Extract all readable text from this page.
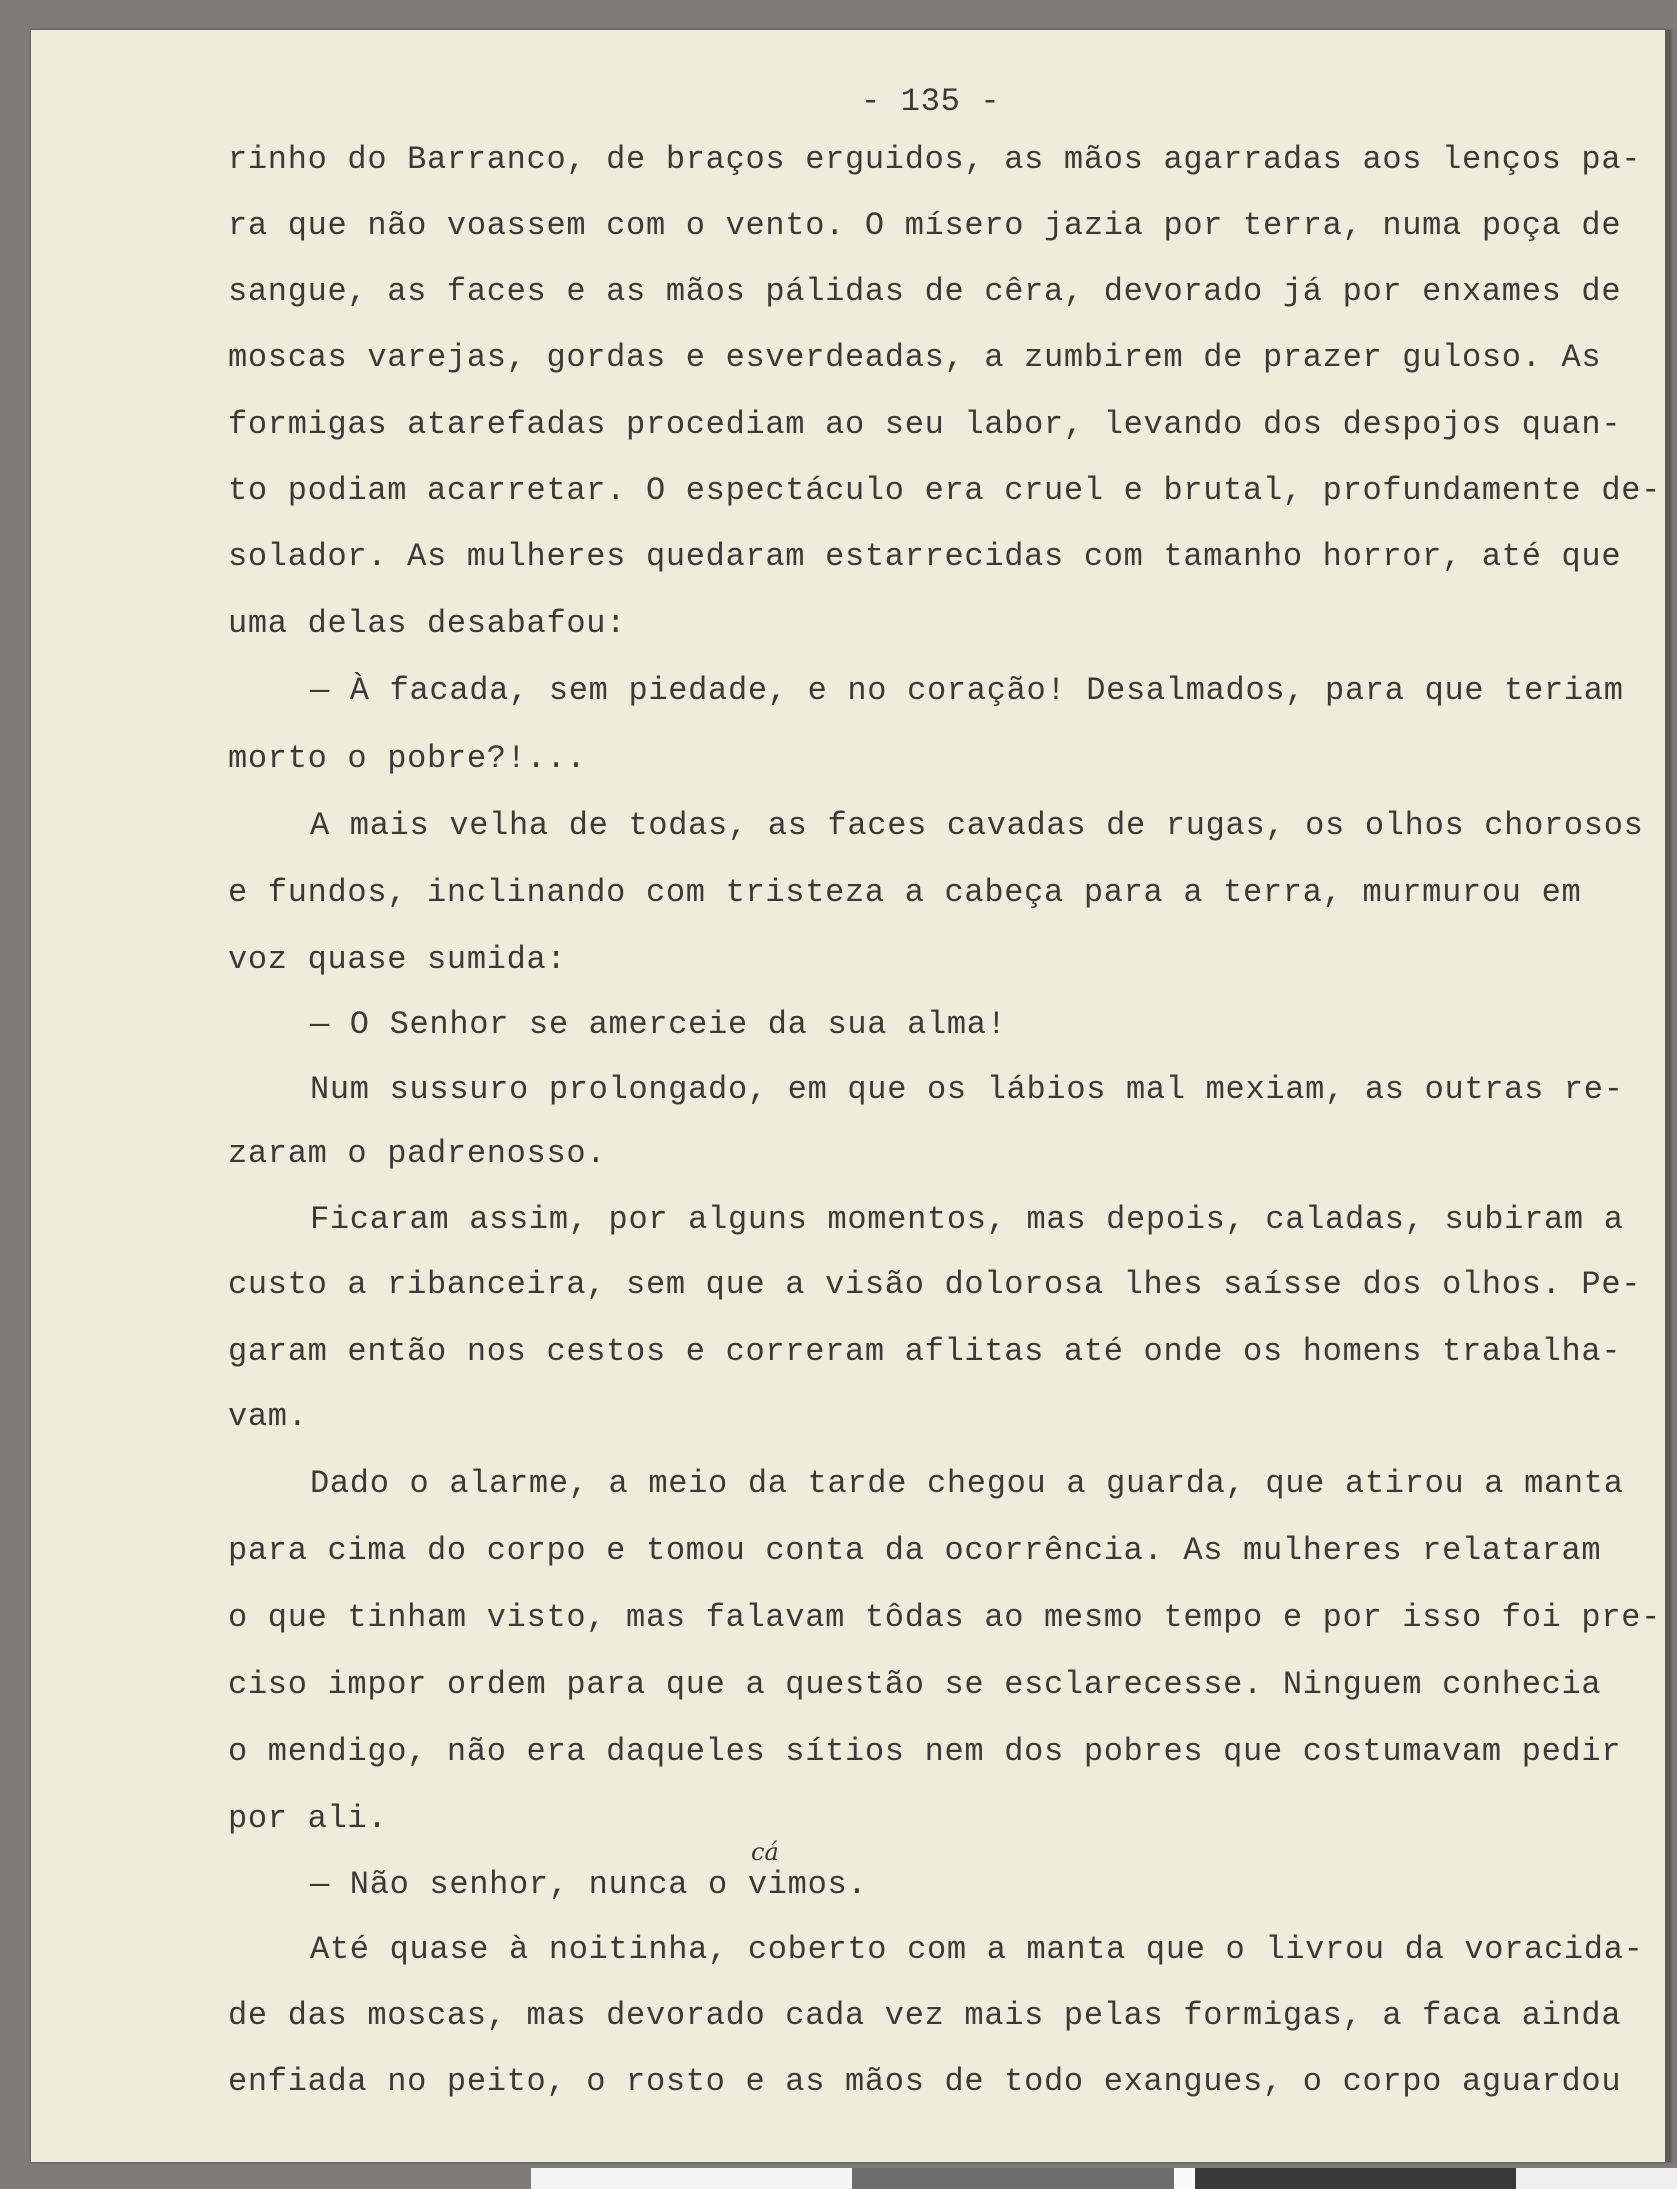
- 135 -
rinho do Barranco, de braços erguidos, as mãos agarradas aos lenços pa-
ra que não voassem com o vento. O mísero jazia por terra, numa poça de
sangue, as faces e as mãos pálidas de cêra, devorado já por enxames de
moscas varejas, gordas e esverdeadas, a zumbirem de prazer guloso. As
formigas atarefadas procediam ao seu labor, levando dos despojos quan-
to podiam acarretar. O espectáculo era cruel e brutal, profundamente de-
solador. As mulheres quedaram estarrecidas com tamanho horror, até que
uma delas desabafou:
— À facada, sem piedade, e no coração! Desalmados, para que teriam
morto o pobre?!...
A mais velha de todas, as faces cavadas de rugas, os olhos chorosos
e fundos, inclinando com tristeza a cabeça para a terra, murmurou em
voz quase sumida:
— O Senhor se amerceie da sua alma!
Num sussuro prolongado, em que os lábios mal mexiam, as outras re-
zaram o padrenosso.
Ficaram assim, por alguns momentos, mas depois, caladas, subiram a
custo a ribanceira, sem que a visão dolorosa lhes saísse dos olhos. Pe-
garam então nos cestos e correram aflitas até onde os homens trabalha-
vam.
Dado o alarme, a meio da tarde chegou a guarda, que atirou a manta
para cima do corpo e tomou conta da ocorrência. As mulheres relataram
o que tinham visto, mas falavam tôdas ao mesmo tempo e por isso foi pre-
ciso impor ordem para que a questão se esclarecesse. Ninguem conhecia
o mendigo, não era daqueles sítios nem dos pobres que costumavam pedir
por ali.
cá
— Não senhor, nunca o vimos.
Até quase à noitinha, coberto com a manta que o livrou da voracida-
de das moscas, mas devorado cada vez mais pelas formigas, a faca ainda
enfiada no peito, o rosto e as mãos de todo exangues, o corpo aguardou
